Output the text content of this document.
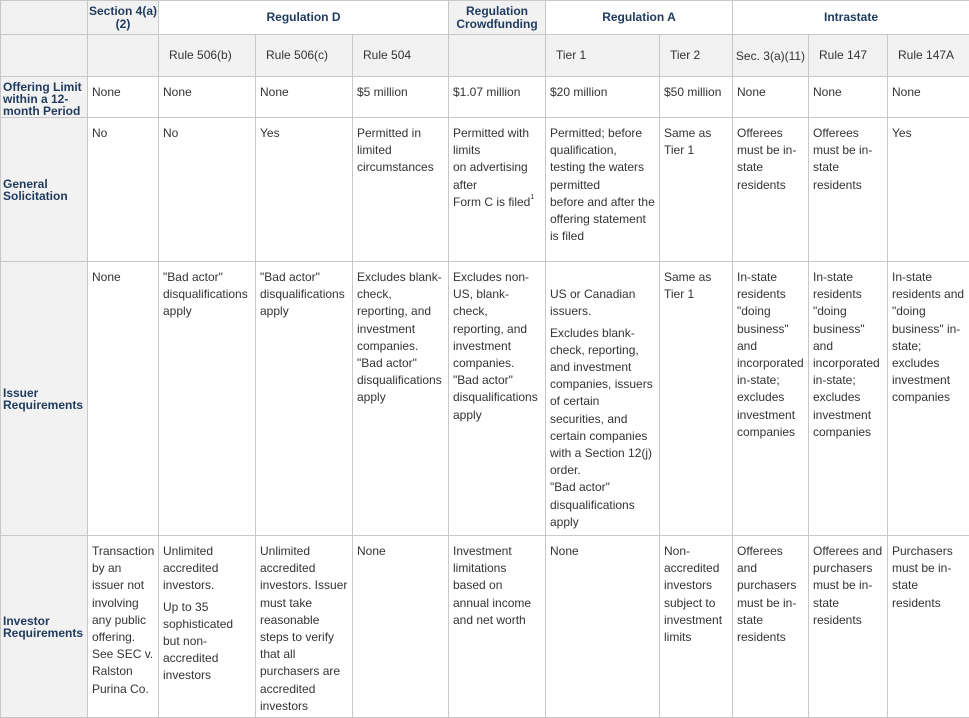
	Section 4(a)(2)	Regulation D			Regulation Crowdfunding	Regulation A		Intrastate		

		Rule 506(b)	Rule 506(c)	Rule 504		Tier 1	Tier 2	Sec. 3(a)(11)	Rule 147	Rule 147A

Offering Limit within a 12-month Period	None	None	None	$5 million	$1.07 million	$20 million	$50 million	None	None	None

General Solicitation	No	No	Yes	Permitted in limited circumstances	Permitted with limits
on advertising after
Form C is filed$^1$	Permitted; before qualification, testing the waters permitted
before and after the offering statement is filed	Same as Tier 1	Offerees must be in-state residents	Offerees must be in-state residents	Yes

Issuer Requirements	None	"Bad actor" disqualifications apply	"Bad actor" disqualifications apply	Excludes blank-check, reporting, and investment companies. "Bad actor" disqualifications apply	Excludes non-US, blank-check, reporting, and investment companies. "Bad actor" disqualifications apply	US or Canadian issuers.

Excludes blank-check, reporting, and investment companies, issuers of certain securities, and certain companies with a Section 12(j) order.
"Bad actor" disqualifications apply	Same as Tier 1	In-state residents "doing business" and incorporated in-state; excludes investment companies	In-state residents "doing business" and incorporated in-state; excludes investment companies	In-state residents and "doing business" in-state; excludes investment companies

Investor Requirements	Transaction by an issuer not involving any public offering. See SEC v. Ralston Purina Co.	Unlimited accredited investors.

Up to 35 sophisticated but non-accredited investors	Unlimited accredited investors. Issuer must take reasonable steps to verify that all purchasers are accredited investors	None	Investment limitations based on annual income and net worth	None	Non-accredited investors subject to investment limits	Offerees and purchasers must be in-state residents	Offerees and purchasers must be in-state residents	Purchasers must be in-state residents
